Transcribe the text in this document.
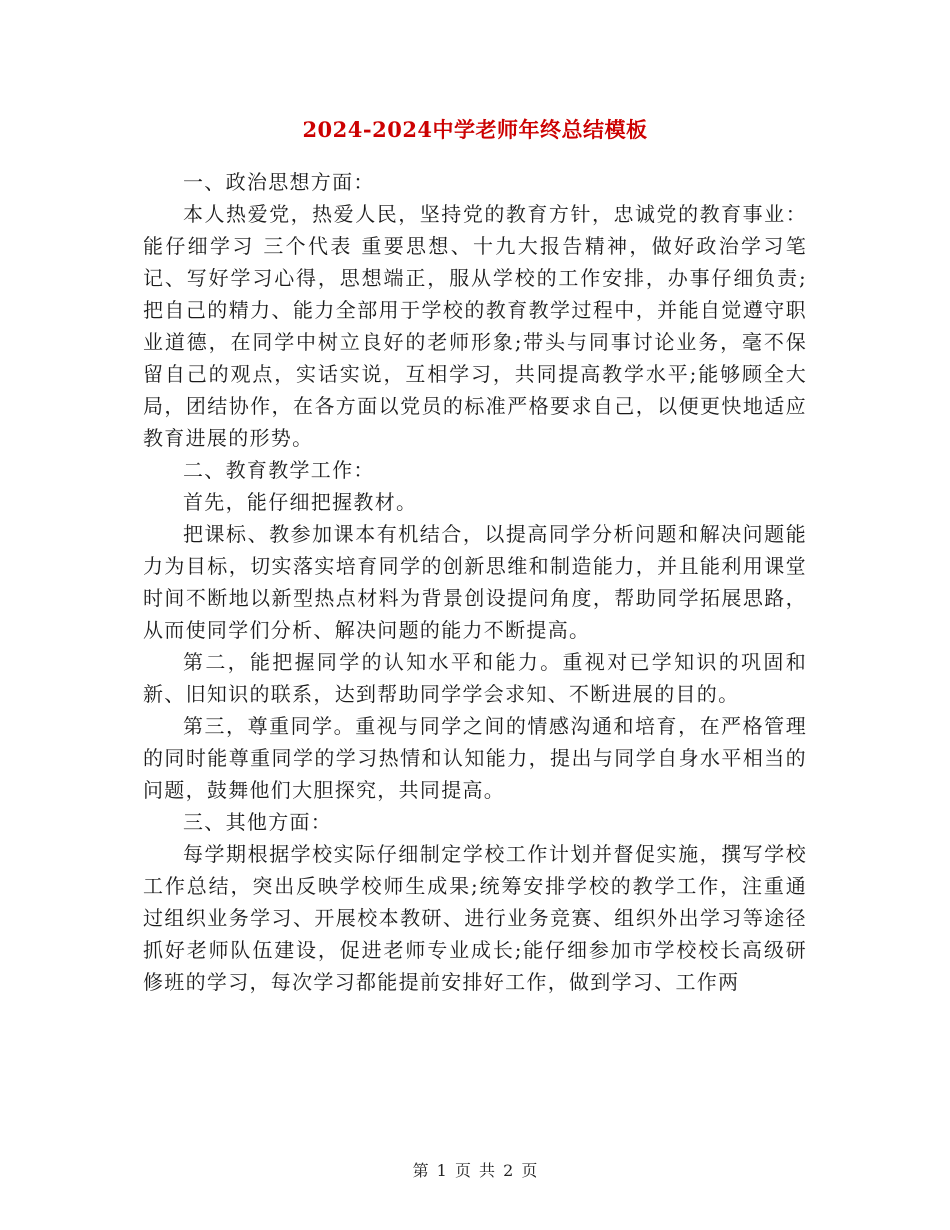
2024-2024中学老师年终总结模板

一、政治思想方面：

本人热爱党，热爱人民，坚持党的教育方针，忠诚党的教育事业：能仔细学习 三个代表 重要思想、十九大报告精神，做好政治学习笔记、写好学习心得，思想端正，服从学校的工作安排，办事仔细负责;把自己的精力、能力全部用于学校的教育教学过程中，并能自觉遵守职业道德，在同学中树立良好的老师形象;带头与同事讨论业务，毫不保留自己的观点，实话实说，互相学习，共同提高教学水平;能够顾全大局，团结协作，在各方面以党员的标准严格要求自己，以便更快地适应教育进展的形势。

二、教育教学工作：

首先，能仔细把握教材。

把课标、教参加课本有机结合，以提高同学分析问题和解决问题能力为目标，切实落实培育同学的创新思维和制造能力，并且能利用课堂时间不断地以新型热点材料为背景创设提问角度，帮助同学拓展思路，从而使同学们分析、解决问题的能力不断提高。

第二，能把握同学的认知水平和能力。重视对已学知识的巩固和新、旧知识的联系，达到帮助同学学会求知、不断进展的目的。

第三，尊重同学。重视与同学之间的情感沟通和培育，在严格管理的同时能尊重同学的学习热情和认知能力，提出与同学自身水平相当的问题，鼓舞他们大胆探究，共同提高。

三、其他方面：

每学期根据学校实际仔细制定学校工作计划并督促实施，撰写学校工作总结，突出反映学校师生成果;统筹安排学校的教学工作，注重通过组织业务学习、开展校本教研、进行业务竞赛、组织外出学习等途径抓好老师队伍建设，促进老师专业成长;能仔细参加市学校校长高级研修班的学习，每次学习都能提前安排好工作，做到学习、工作两

第 1 页 共 2 页
